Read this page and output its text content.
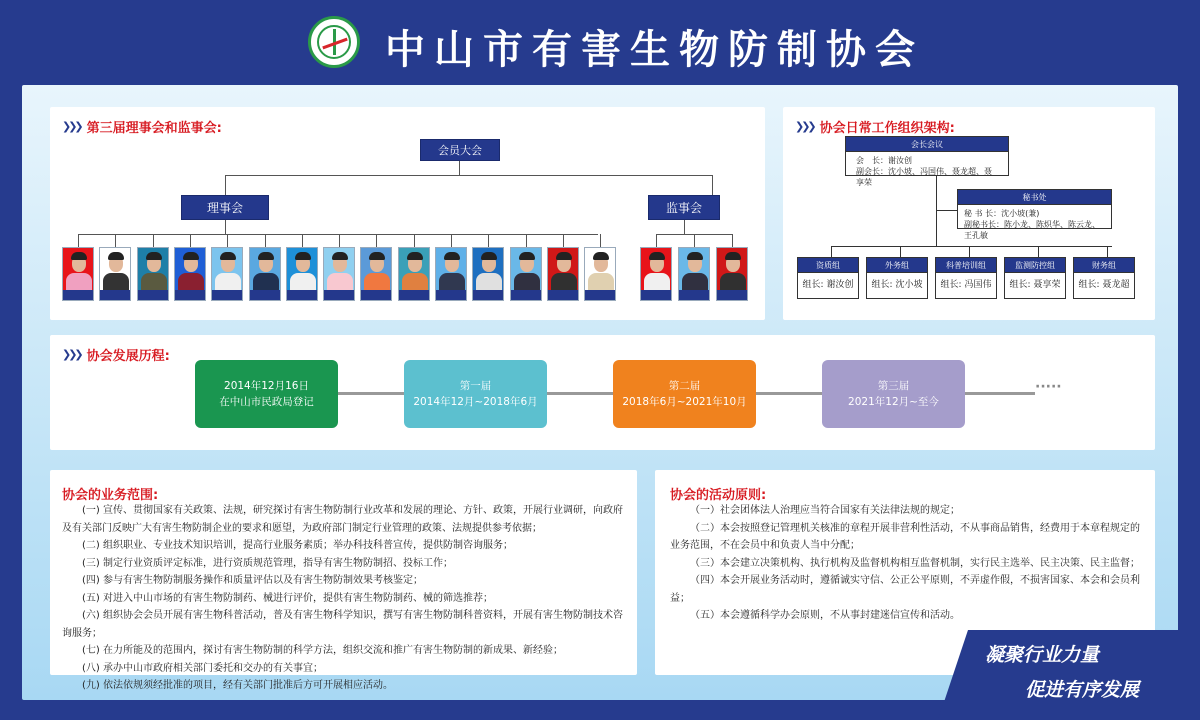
中山市有害生物防制协会
❯❯❯ 第三届理事会和监事会:
会员大会
理事会	监事会
❯❯❯ 协会日常工作组织架构:
会长会议
会　长：谢汝创
副会长：沈小坡、冯国伟、聂龙超、聂享荣
秘书处
秘 书 长：沈小坡(兼)
副秘书长：陈小龙、陈炽华、陈云龙、王孔敏
资质组
组长: 谢汝创
外务组
组长: 沈小坡
科普培训组
组长: 冯国伟
监测防控组
组长: 聂享荣
财务组
组长: 聂龙超
❯❯❯ 协会发展历程:
·····
2014年12月16日
在中山市民政局登记
第一届
2014年12月~2018年6月
第二届
2018年6月~2021年10月
第三届
2021年12月~至今
协会的业务范围:

(一) 宣传、贯彻国家有关政策、法规，研究探讨有害生物防制行业改革和发展的理论、方针、政策，开展行业调研，向政府及有关部门反映广大有害生物防制企业的要求和愿望，为政府部门制定行业管理的政策、法规提供参考依据；

(二) 组织职业、专业技术知识培训，提高行业服务素质；举办科技科普宣传，提供防制咨询服务；

(三) 制定行业资质评定标准，进行资质规范管理，指导有害生物防制招、投标工作；

(四) 参与有害生物防制服务操作和质量评估以及有害生物防制效果考核鉴定；

(五) 对进入中山市场的有害生物防制药、械进行评价，提供有害生物防制药、械的筛选推荐；

(六) 组织协会会员开展有害生物科普活动，普及有害生物科学知识，撰写有害生物防制科普资料，开展有害生物防制技术咨询服务；

(七) 在力所能及的范围内，探讨有害生物防制的科学方法，组织交流和推广有害生物防制的新成果、新经验；

(八) 承办中山市政府相关部门委托和交办的有关事宜；

(九) 依法依规须经批准的项目，经有关部门批准后方可开展相应活动。

协会的活动原则:

（一）社会团体法人治理应当符合国家有关法律法规的规定；

（二）本会按照登记管理机关核准的章程开展非营利性活动，不从事商品销售，经费用于本章程规定的业务范围，不在会员中和负责人当中分配；

（三）本会建立决策机构、执行机构及监督机构相互监督机制，实行民主选举、民主决策、民主监督；

（四）本会开展业务活动时，遵循诚实守信、公正公平原则，不弄虚作假，不损害国家、本会和会员利益；

（五）本会遵循科学办会原则，不从事封建迷信宣传和活动。

凝聚行业力量
促进有序发展
